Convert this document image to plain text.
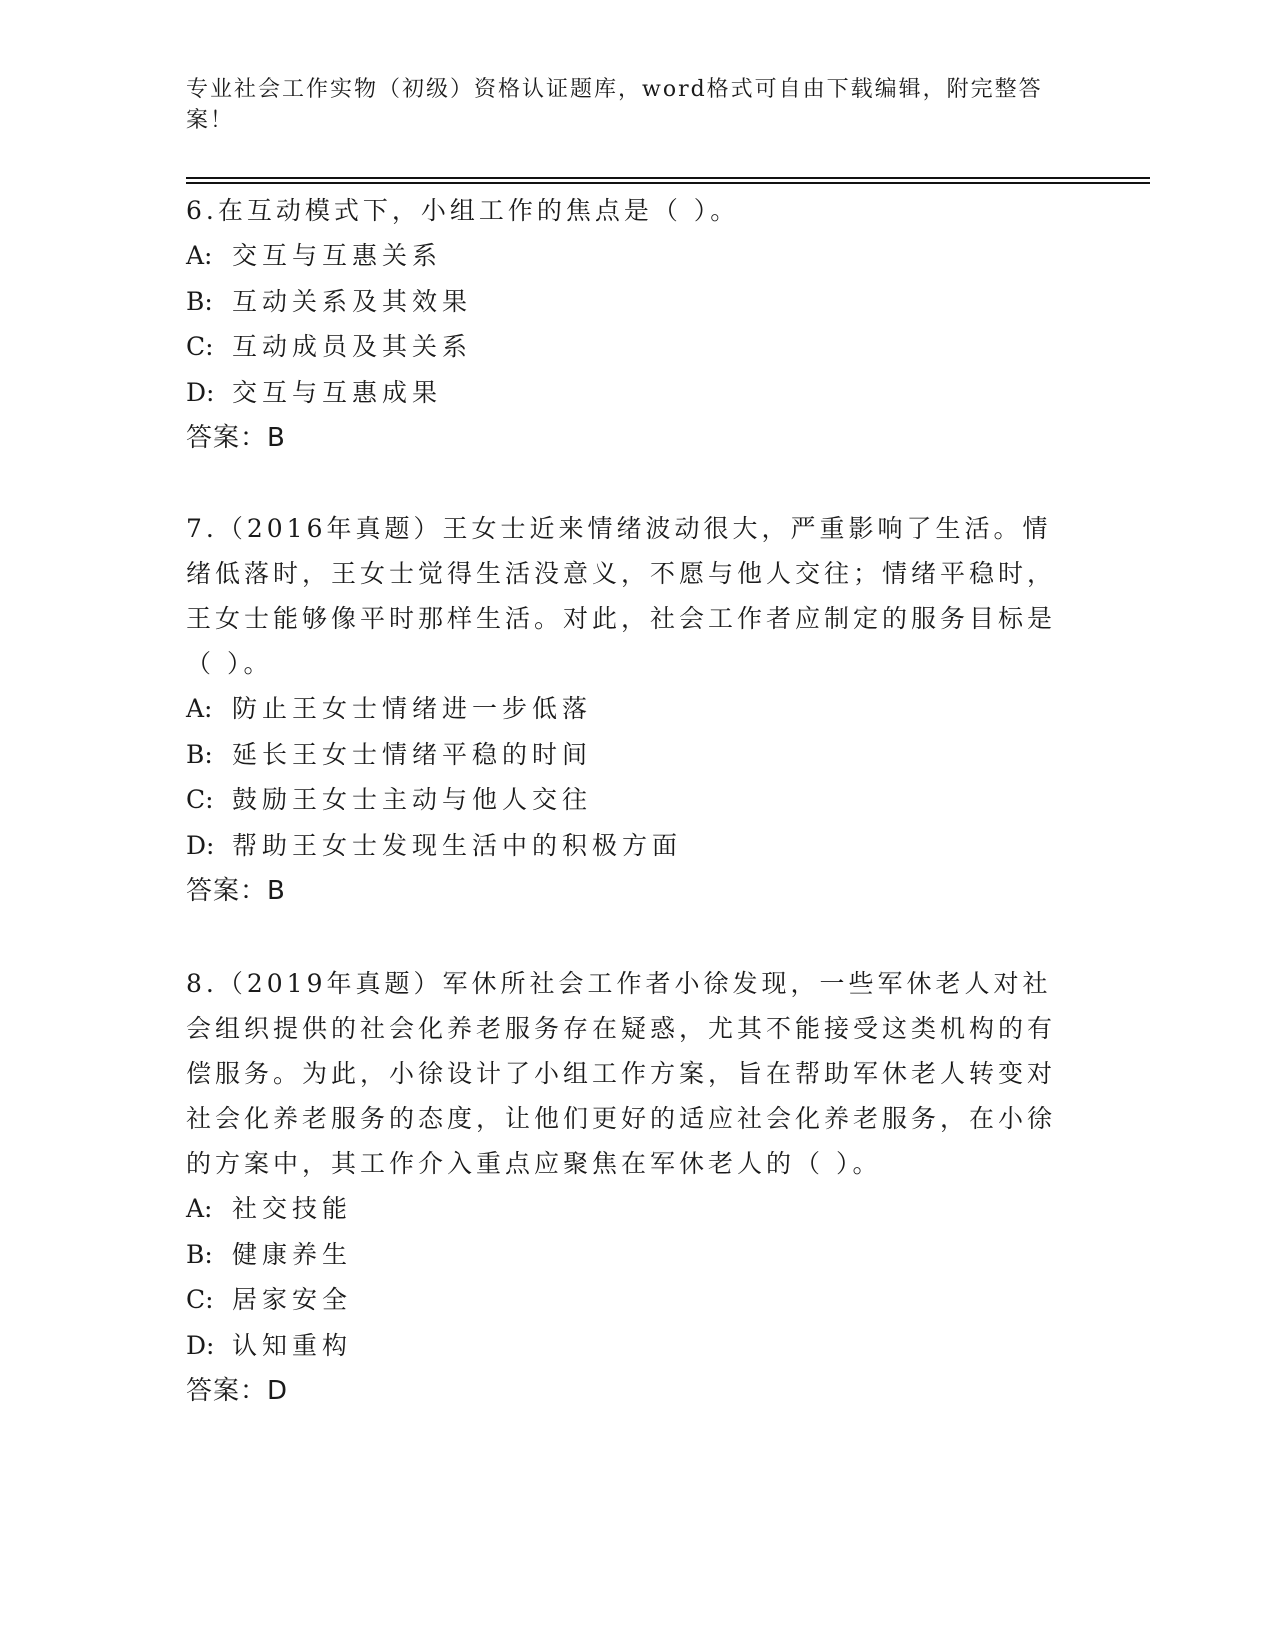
专业社会工作实物（初级）资格认证题库，word格式可自由下载编辑，附完整答案！

6.在互动模式下，小组工作的焦点是（ ）。

A: 交互与互惠关系

B: 互动关系及其效果

C: 互动成员及其关系

D: 交互与互惠成果

答案：B

7.（2016年真题）王女士近来情绪波动很大，严重影响了生活。情绪低落时，王女士觉得生活没意义，不愿与他人交往；情绪平稳时，王女士能够像平时那样生活。对此，社会工作者应制定的服务目标是（ ）。

A: 防止王女士情绪进一步低落

B: 延长王女士情绪平稳的时间

C: 鼓励王女士主动与他人交往

D: 帮助王女士发现生活中的积极方面

答案：B

8.（2019年真题）军休所社会工作者小徐发现，一些军休老人对社会组织提供的社会化养老服务存在疑惑，尤其不能接受这类机构的有偿服务。为此，小徐设计了小组工作方案，旨在帮助军休老人转变对社会化养老服务的态度，让他们更好的适应社会化养老服务，在小徐的方案中，其工作介入重点应聚焦在军休老人的（ ）。

A: 社交技能

B: 健康养生

C: 居家安全

D: 认知重构

答案：D
